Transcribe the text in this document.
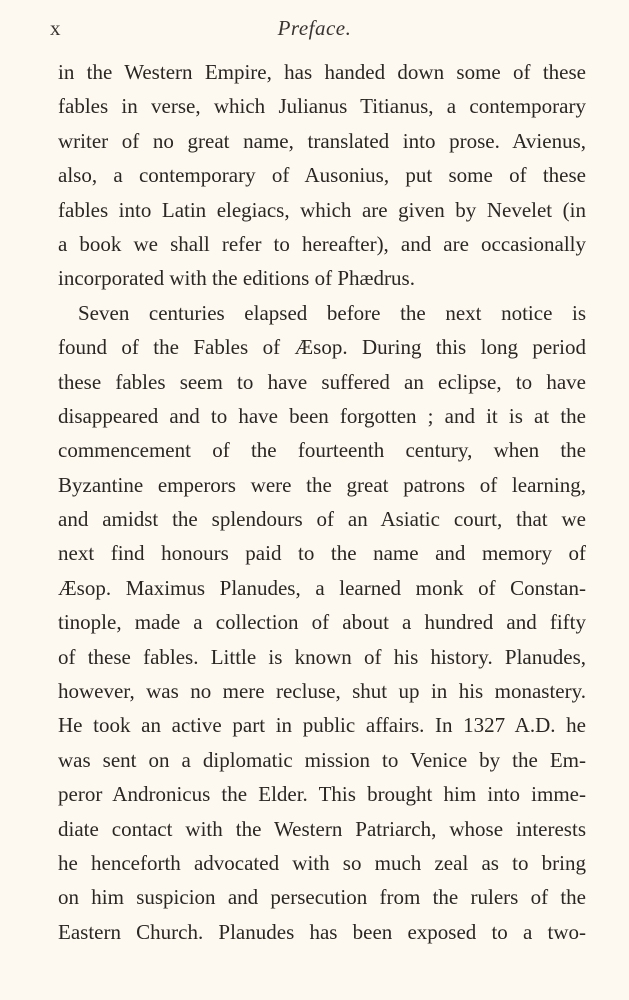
x	Preface.
in the Western Empire, has handed down some of these
fables in verse, which Julianus Titianus, a contemporary
writer of no great name, translated into prose. Avienus,
also, a contemporary of Ausonius, put some of these
fables into Latin elegiacs, which are given by Nevelet (in
a book we shall refer to hereafter), and are occasionally
incorporated with the editions of Phædrus.
Seven centuries elapsed before the next notice is
found of the Fables of Æsop. During this long period
these fables seem to have suffered an eclipse, to have
disappeared and to have been forgotten ; and it is at the
commencement of the fourteenth century, when the
Byzantine emperors were the great patrons of learning,
and amidst the splendours of an Asiatic court, that we
next find honours paid to the name and memory of
Æsop. Maximus Planudes, a learned monk of Constan-
tinople, made a collection of about a hundred and fifty
of these fables. Little is known of his history. Planudes,
however, was no mere recluse, shut up in his monastery.
He took an active part in public affairs. In 1327 A.D. he
was sent on a diplomatic mission to Venice by the Em-
peror Andronicus the Elder. This brought him into imme-
diate contact with the Western Patriarch, whose interests
he henceforth advocated with so much zeal as to bring
on him suspicion and persecution from the rulers of the
Eastern Church. Planudes has been exposed to a two-
